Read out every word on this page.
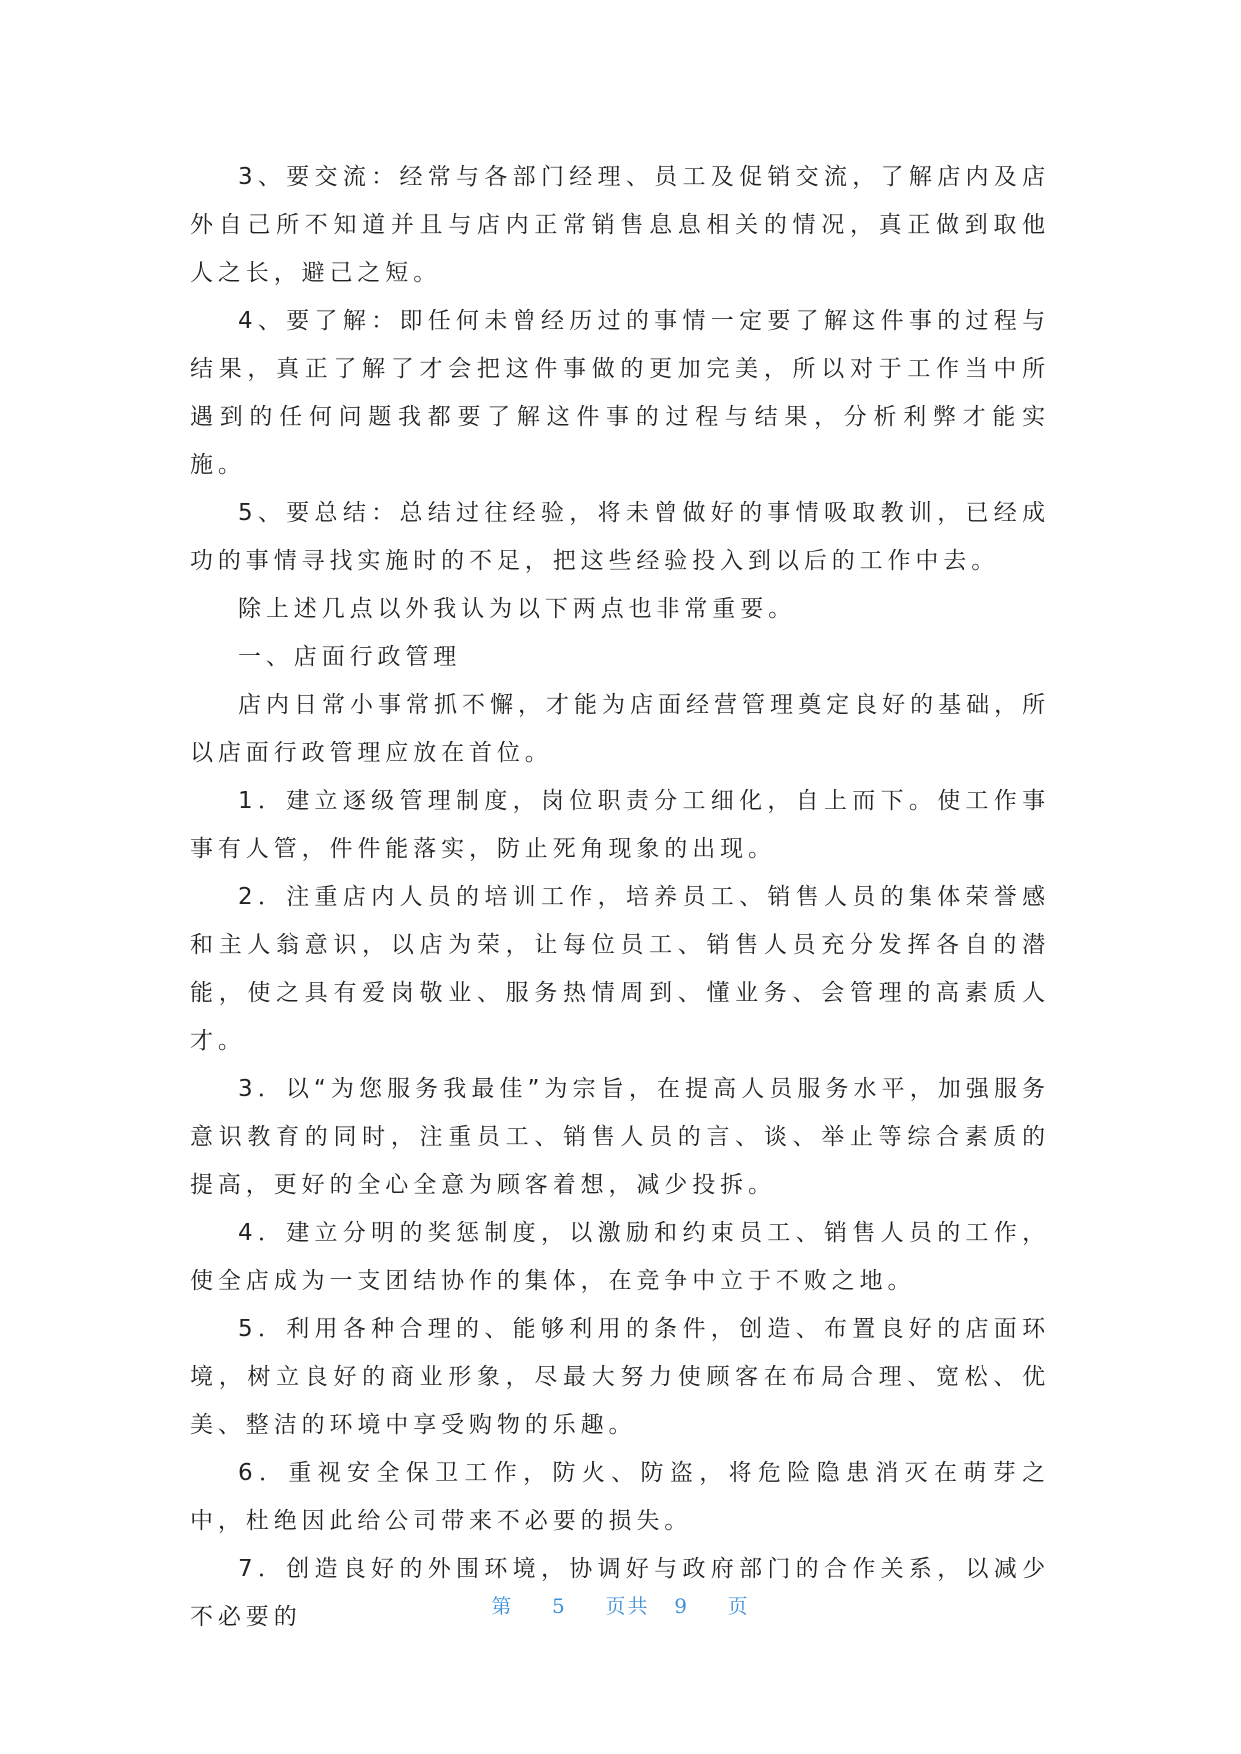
3、要交流：经常与各部门经理、员工及促销交流，了解店内及店外自己所不知道并且与店内正常销售息息相关的情况，真正做到取他人之长，避己之短。

4、要了解：即任何未曾经历过的事情一定要了解这件事的过程与结果，真正了解了才会把这件事做的更加完美，所以对于工作当中所遇到的任何问题我都要了解这件事的过程与结果，分析利弊才能实施。

5、要总结：总结过往经验，将未曾做好的事情吸取教训，已经成功的事情寻找实施时的不足，把这些经验投入到以后的工作中去。

除上述几点以外我认为以下两点也非常重要。

一、店面行政管理

店内日常小事常抓不懈，才能为店面经营管理奠定良好的基础，所以店面行政管理应放在首位。

1．建立逐级管理制度，岗位职责分工细化，自上而下。使工作事事有人管，件件能落实，防止死角现象的出现。

2．注重店内人员的培训工作，培养员工、销售人员的集体荣誉感和主人翁意识，以店为荣，让每位员工、销售人员充分发挥各自的潜能，使之具有爱岗敬业、服务热情周到、懂业务、会管理的高素质人才。

3．以“为您服务我最佳”为宗旨，在提高人员服务水平，加强服务意识教育的同时，注重员工、销售人员的言、谈、举止等综合素质的提高，更好的全心全意为顾客着想，减少投拆。

4．建立分明的奖惩制度，以激励和约束员工、销售人员的工作，使全店成为一支团结协作的集体，在竞争中立于不败之地。

5．利用各种合理的、能够利用的条件，创造、布置良好的店面环境，树立良好的商业形象，尽最大努力使顾客在布局合理、宽松、优美、整洁的环境中享受购物的乐趣。

6．重视安全保卫工作，防火、防盗，将危险隐患消灭在萌芽之中，杜绝因此给公司带来不必要的损失。

7．创造良好的外围环境，协调好与政府部门的合作关系，以减少不必要的	第 5 页共 9 页
